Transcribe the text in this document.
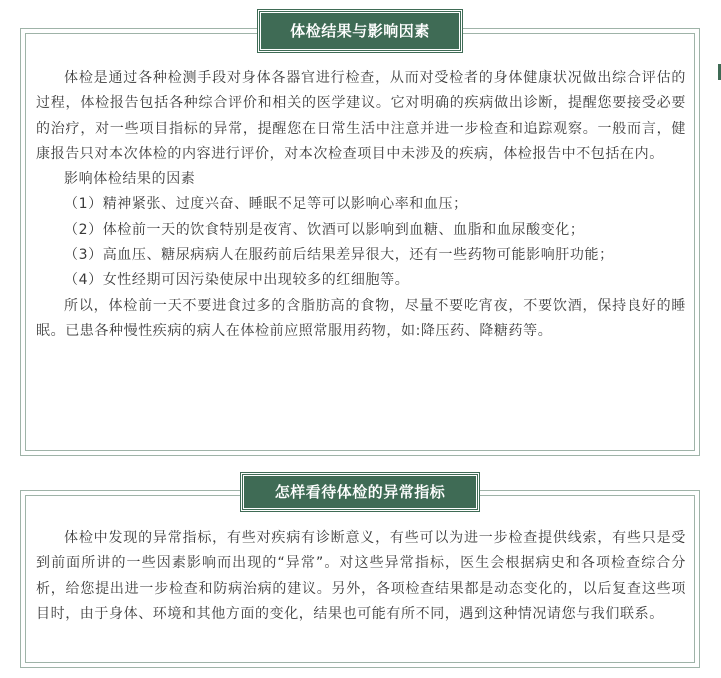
体检结果与影响因素

体检是通过各种检测手段对身体各器官进行检查，从而对受检者的身体健康状况做出综合评估的过程，体检报告包括各种综合评价和相关的医学建议。它对明确的疾病做出诊断，提醒您要接受必要的治疗，对一些项目指标的异常，提醒您在日常生活中注意并进一步检查和追踪观察。一般而言，健康报告只对本次体检的内容进行评价，对本次检查项目中未涉及的疾病，体检报告中不包括在内。

影响体检结果的因素

（1）精神紧张、过度兴奋、睡眠不足等可以影响心率和血压；

（2）体检前一天的饮食特别是夜宵、饮酒可以影响到血糖、血脂和血尿酸变化；

（3）高血压、糖尿病病人在服药前后结果差异很大，还有一些药物可能影响肝功能；

（4）女性经期可因污染使尿中出现较多的红细胞等。

所以，体检前一天不要进食过多的含脂肪高的食物，尽量不要吃宵夜，不要饮酒，保持良好的睡眠。已患各种慢性疾病的病人在体检前应照常服用药物，如:降压药、降糖药等。

怎样看待体检的异常指标

体检中发现的异常指标，有些对疾病有诊断意义，有些可以为进一步检查提供线索，有些只是受到前面所讲的一些因素影响而出现的“异常”。对这些异常指标，医生会根据病史和各项检查综合分析，给您提出进一步检查和防病治病的建议。另外，各项检查结果都是动态变化的，以后复查这些项目时，由于身体、环境和其他方面的变化，结果也可能有所不同，遇到这种情况请您与我们联系。
